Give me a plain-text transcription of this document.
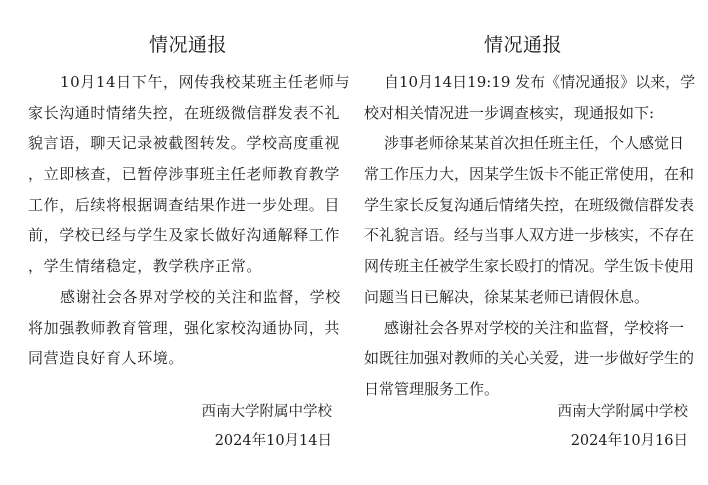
情况通报
10月14日下午，网传我校某班主任老师与
家长沟通时情绪失控，在班级微信群发表不礼
貌言语，聊天记录被截图转发。学校高度重视
，立即核查，已暂停涉事班主任老师教育教学
工作，后续将根据调查结果作进一步处理。目
前，学校已经与学生及家长做好沟通解释工作
，学生情绪稳定，教学秩序正常。
感谢社会各界对学校的关注和监督，学校
将加强教师教育管理，强化家校沟通协同，共
同营造良好育人环境。
西南大学附属中学校
2024年10月14日
情况通报
自10月14日19:19 发布《情况通报》以来，学
校对相关情况进一步调查核实，现通报如下:
涉事老师徐某某首次担任班主任，个人感觉日
常工作压力大，因某学生饭卡不能正常使用，在和
学生家长反复沟通后情绪失控，在班级微信群发表
不礼貌言语。经与当事人双方进一步核实，不存在
网传班主任被学生家长殴打的情况。学生饭卡使用
问题当日已解决，徐某某老师已请假休息。
感谢社会各界对学校的关注和监督，学校将一
如既往加强对教师的关心关爱，进一步做好学生的
日常管理服务工作。
西南大学附属中学校
2024年10月16日
